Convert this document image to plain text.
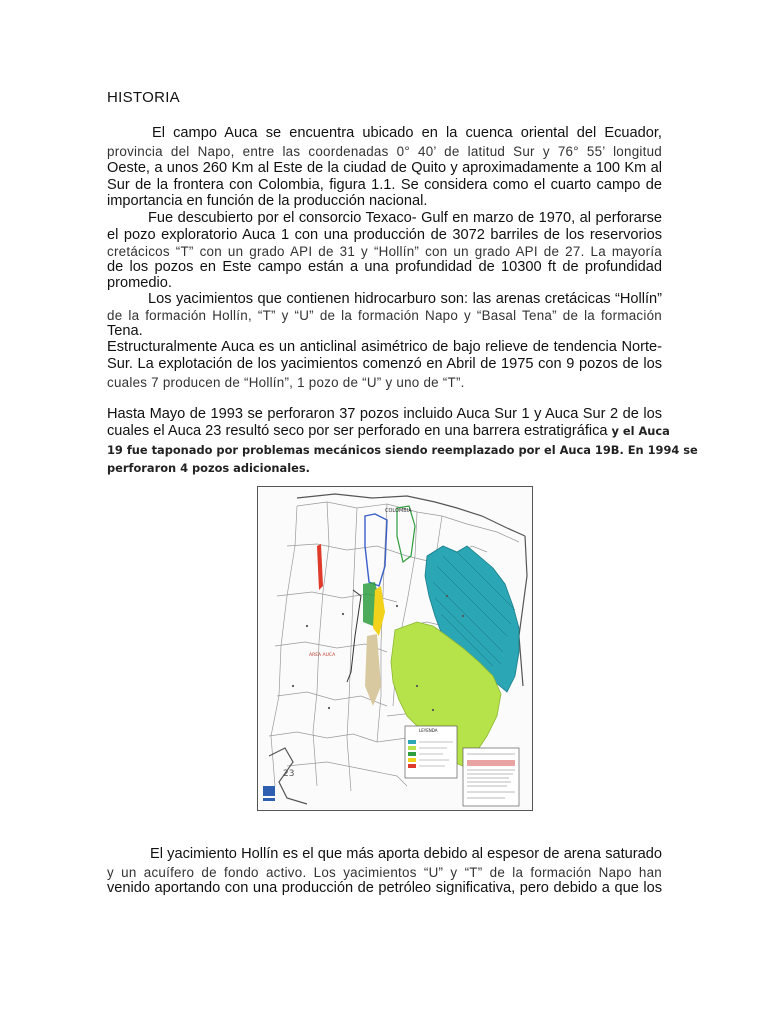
HISTORIA

El campo Auca se encuentra ubicado en la cuenca oriental del Ecuador,

provincia del Napo, entre las coordenadas 0° 40’ de latitud Sur y 76° 55’ longitud

Oeste, a unos 260 Km al Este de la ciudad de Quito y aproximadamente a 100 Km al

Sur de la frontera con Colombia, figura 1.1. Se considera como el cuarto campo de

importancia en función de la producción nacional.

Fue descubierto por el consorcio Texaco- Gulf en marzo de 1970, al perforarse

el pozo exploratorio Auca 1 con una producción de 3072 barriles de los reservorios

cretácicos “T” con un grado API de 31 y “Hollín” con un grado API de 27. La mayoría

de los pozos en Este campo están a una profundidad de 10300 ft de profundidad

promedio.

Los yacimientos que contienen hidrocarburo son: las arenas cretácicas “Hollín”

de la formación Hollín, “T” y “U” de la formación Napo y “Basal Tena” de la formación

Tena.

Estructuralmente Auca es un anticlinal asimétrico de bajo relieve de tendencia Norte-

Sur. La explotación de los yacimientos comenzó en Abril de 1975 con 9 pozos de los

cuales 7 producen de “Hollín”, 1 pozo de “U” y uno de “T”.

Hasta Mayo de 1993 se perforaron 37 pozos incluido Auca Sur 1 y Auca Sur 2 de los

cuales el Auca 23 resultó seco por ser perforado en una barrera estratigráfica y el Auca

19 fue taponado por problemas mecánicos siendo reemplazado por el Auca 19B. En 1994 se

perforaron 4 pozos adicionales.

COLOMBIA
AREA AUCA
23
LEYENDA

El yacimiento Hollín es el que más aporta debido al espesor de arena saturado

y un acuífero de fondo activo. Los yacimientos “U” y “T” de la formación Napo han

venido aportando con una producción de petróleo significativa, pero debido a que los
